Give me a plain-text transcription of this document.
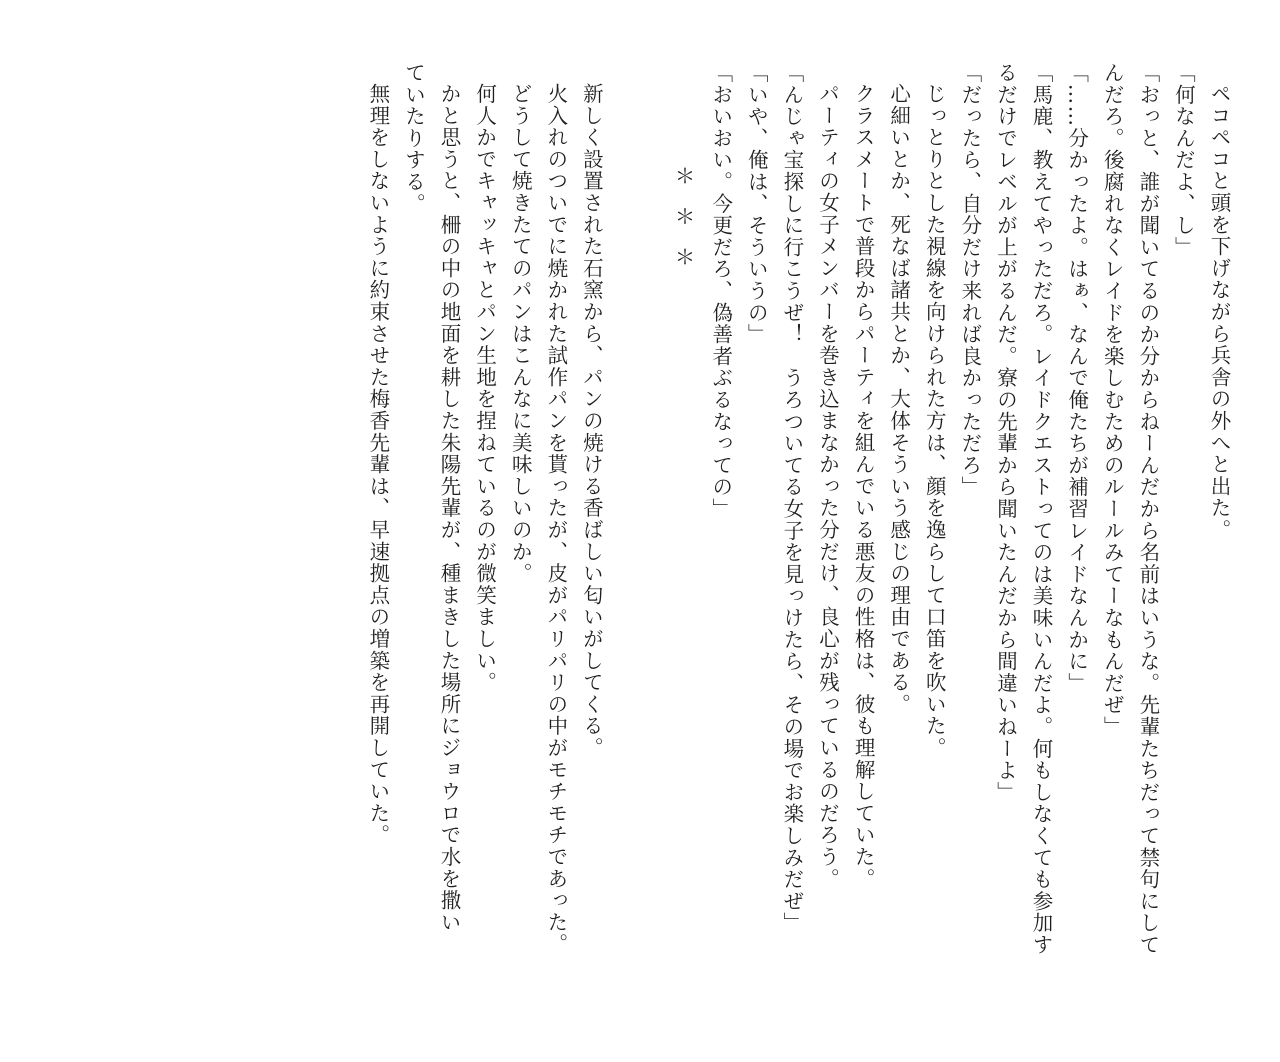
ペコペコと頭を下げながら兵舎の外へと出た。
「何なんだよ、し」
「おっと、誰が聞いてるのか分からねーんだから名前はいうな。先輩たちだって禁句にして
んだろ。後腐れなくレイドを楽しむためのルールみてーなもんだぜ」
「……分かったよ。はぁ、なんで俺たちが補習レイドなんかに」
「馬鹿、教えてやっただろ。レイドクエストってのは美味いんだよ。何もしなくても参加す
るだけでレベルが上がるんだ。寮の先輩から聞いたんだから間違いねーよ」
「だったら、自分だけ来れば良かっただろ」
じっとりとした視線を向けられた方は、顔を逸らして口笛を吹いた。
心細いとか、死なば諸共とか、大体そういう感じの理由である。
クラスメートで普段からパーティを組んでいる悪友の性格は、彼も理解していた。
パーティの女子メンバーを巻き込まなかった分だけ、良心が残っているのだろう。
「んじゃ宝探しに行こうぜ！　うろついてる女子を見っけたら、その場でお楽しみだぜ」
「いや、俺は、そういうの」
「おいおい。今更だろ、偽善者ぶるなっての」
＊＊＊
新しく設置された石窯から、パンの焼ける香ばしい匂いがしてくる。
火入れのついでに焼かれた試作パンを貰ったが、皮がパリパリの中がモチモチであった。
どうして焼きたてのパンはこんなに美味しいのか。
何人かでキャッキャとパン生地を捏ねているのが微笑ましい。
かと思うと、柵の中の地面を耕した朱陽先輩が、種まきした場所にジョウロで水を撒い
ていたりする。
無理をしないように約束させた梅香先輩は、早速拠点の増築を再開していた。
